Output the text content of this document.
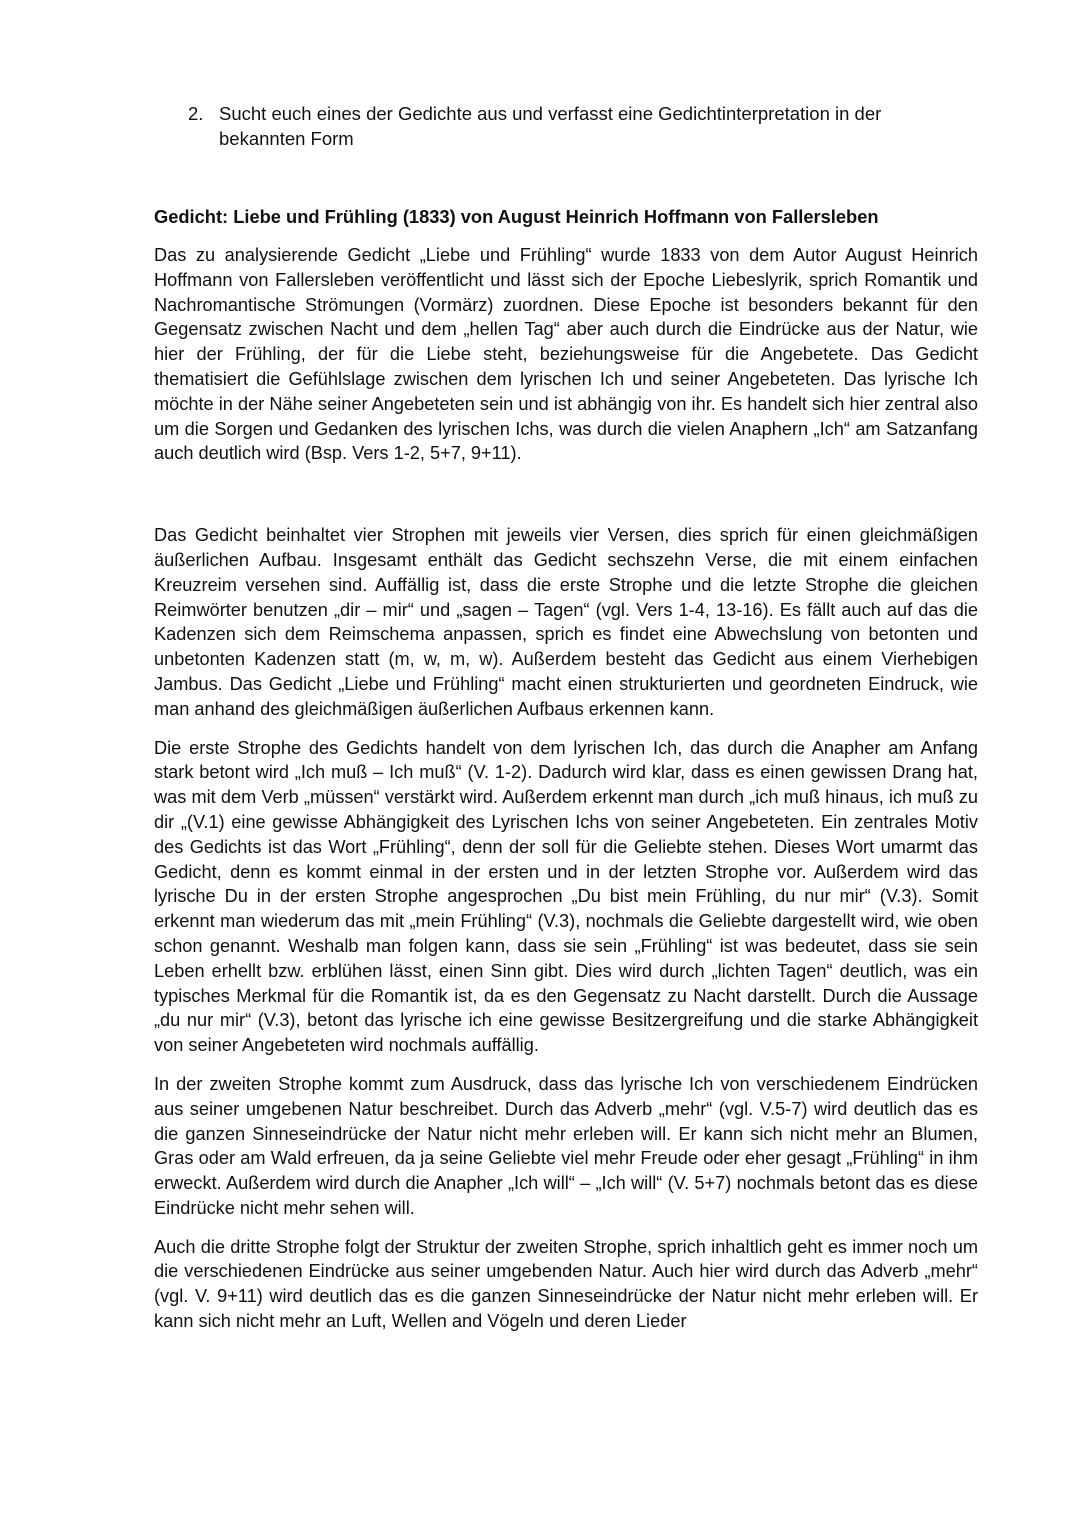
2. Sucht euch eines der Gedichte aus und verfasst eine Gedichtinterpretation in der bekannten Form
Gedicht: Liebe und Frühling (1833) von August Heinrich Hoffmann von Fallersleben

Das zu analysierende Gedicht „Liebe und Frühling“ wurde 1833 von dem Autor August Heinrich Hoffmann von Fallersleben veröffentlicht und lässt sich der Epoche Liebeslyrik, sprich Romantik und Nachromantische Strömungen (Vormärz) zuordnen. Diese Epoche ist besonders bekannt für den Gegensatz zwischen Nacht und dem „hellen Tag“ aber auch durch die Eindrücke aus der Natur, wie hier der Frühling, der für die Liebe steht, beziehungsweise für die Angebetete. Das Gedicht thematisiert die Gefühlslage zwischen dem lyrischen Ich und seiner Angebeteten. Das lyrische Ich möchte in der Nähe seiner Angebeteten sein und ist abhängig von ihr. Es handelt sich hier zentral also um die Sorgen und Gedanken des lyrischen Ichs, was durch die vielen Anaphern „Ich“ am Satzanfang auch deutlich wird (Bsp. Vers 1-2, 5+7, 9+11).

Das Gedicht beinhaltet vier Strophen mit jeweils vier Versen, dies sprich für einen gleichmäßigen äußerlichen Aufbau. Insgesamt enthält das Gedicht sechszehn Verse, die mit einem einfachen Kreuzreim versehen sind. Auffällig ist, dass die erste Strophe und die letzte Strophe die gleichen Reimwörter benutzen „dir – mir“ und „sagen – Tagen“ (vgl. Vers 1-4, 13-16). Es fällt auch auf das die Kadenzen sich dem Reimschema anpassen, sprich es findet eine Abwechslung von betonten und unbetonten Kadenzen statt (m, w, m, w). Außerdem besteht das Gedicht aus einem Vierhebigen Jambus. Das Gedicht „Liebe und Frühling“ macht einen strukturierten und geordneten Eindruck, wie man anhand des gleichmäßigen äußerlichen Aufbaus erkennen kann.

Die erste Strophe des Gedichts handelt von dem lyrischen Ich, das durch die Anapher am Anfang stark betont wird „Ich muß – Ich muß“ (V. 1-2). Dadurch wird klar, dass es einen gewissen Drang hat, was mit dem Verb „müssen“ verstärkt wird. Außerdem erkennt man durch „ich muß hinaus, ich muß zu dir „(V.1) eine gewisse Abhängigkeit des Lyrischen Ichs von seiner Angebeteten. Ein zentrales Motiv des Gedichts ist das Wort „Frühling“, denn der soll für die Geliebte stehen. Dieses Wort umarmt das Gedicht, denn es kommt einmal in der ersten und in der letzten Strophe vor. Außerdem wird das lyrische Du in der ersten Strophe angesprochen „Du bist mein Frühling, du nur mir“ (V.3). Somit erkennt man wiederum das mit „mein Frühling“ (V.3), nochmals die Geliebte dargestellt wird, wie oben schon genannt. Weshalb man folgen kann, dass sie sein „Frühling“ ist was bedeutet, dass sie sein Leben erhellt bzw. erblühen lässt, einen Sinn gibt. Dies wird durch „lichten Tagen“ deutlich, was ein typisches Merkmal für die Romantik ist, da es den Gegensatz zu Nacht darstellt. Durch die Aussage „du nur mir“ (V.3), betont das lyrische ich eine gewisse Besitzergreifung und die starke Abhängigkeit von seiner Angebeteten wird nochmals auffällig.

In der zweiten Strophe kommt zum Ausdruck, dass das lyrische Ich von verschiedenem Eindrücken aus seiner umgebenen Natur beschreibet. Durch das Adverb „mehr“ (vgl. V.5-7) wird deutlich das es die ganzen Sinneseindrücke der Natur nicht mehr erleben will. Er kann sich nicht mehr an Blumen, Gras oder am Wald erfreuen, da ja seine Geliebte viel mehr Freude oder eher gesagt „Frühling“ in ihm erweckt. Außerdem wird durch die Anapher „Ich will“ – „Ich will“ (V. 5+7) nochmals betont das es diese Eindrücke nicht mehr sehen will.

Auch die dritte Strophe folgt der Struktur der zweiten Strophe, sprich inhaltlich geht es immer noch um die verschiedenen Eindrücke aus seiner umgebenden Natur. Auch hier wird durch das Adverb „mehr“ (vgl. V. 9+11) wird deutlich das es die ganzen Sinneseindrücke der Natur nicht mehr erleben will. Er kann sich nicht mehr an Luft, Wellen and Vögeln und deren Lieder
